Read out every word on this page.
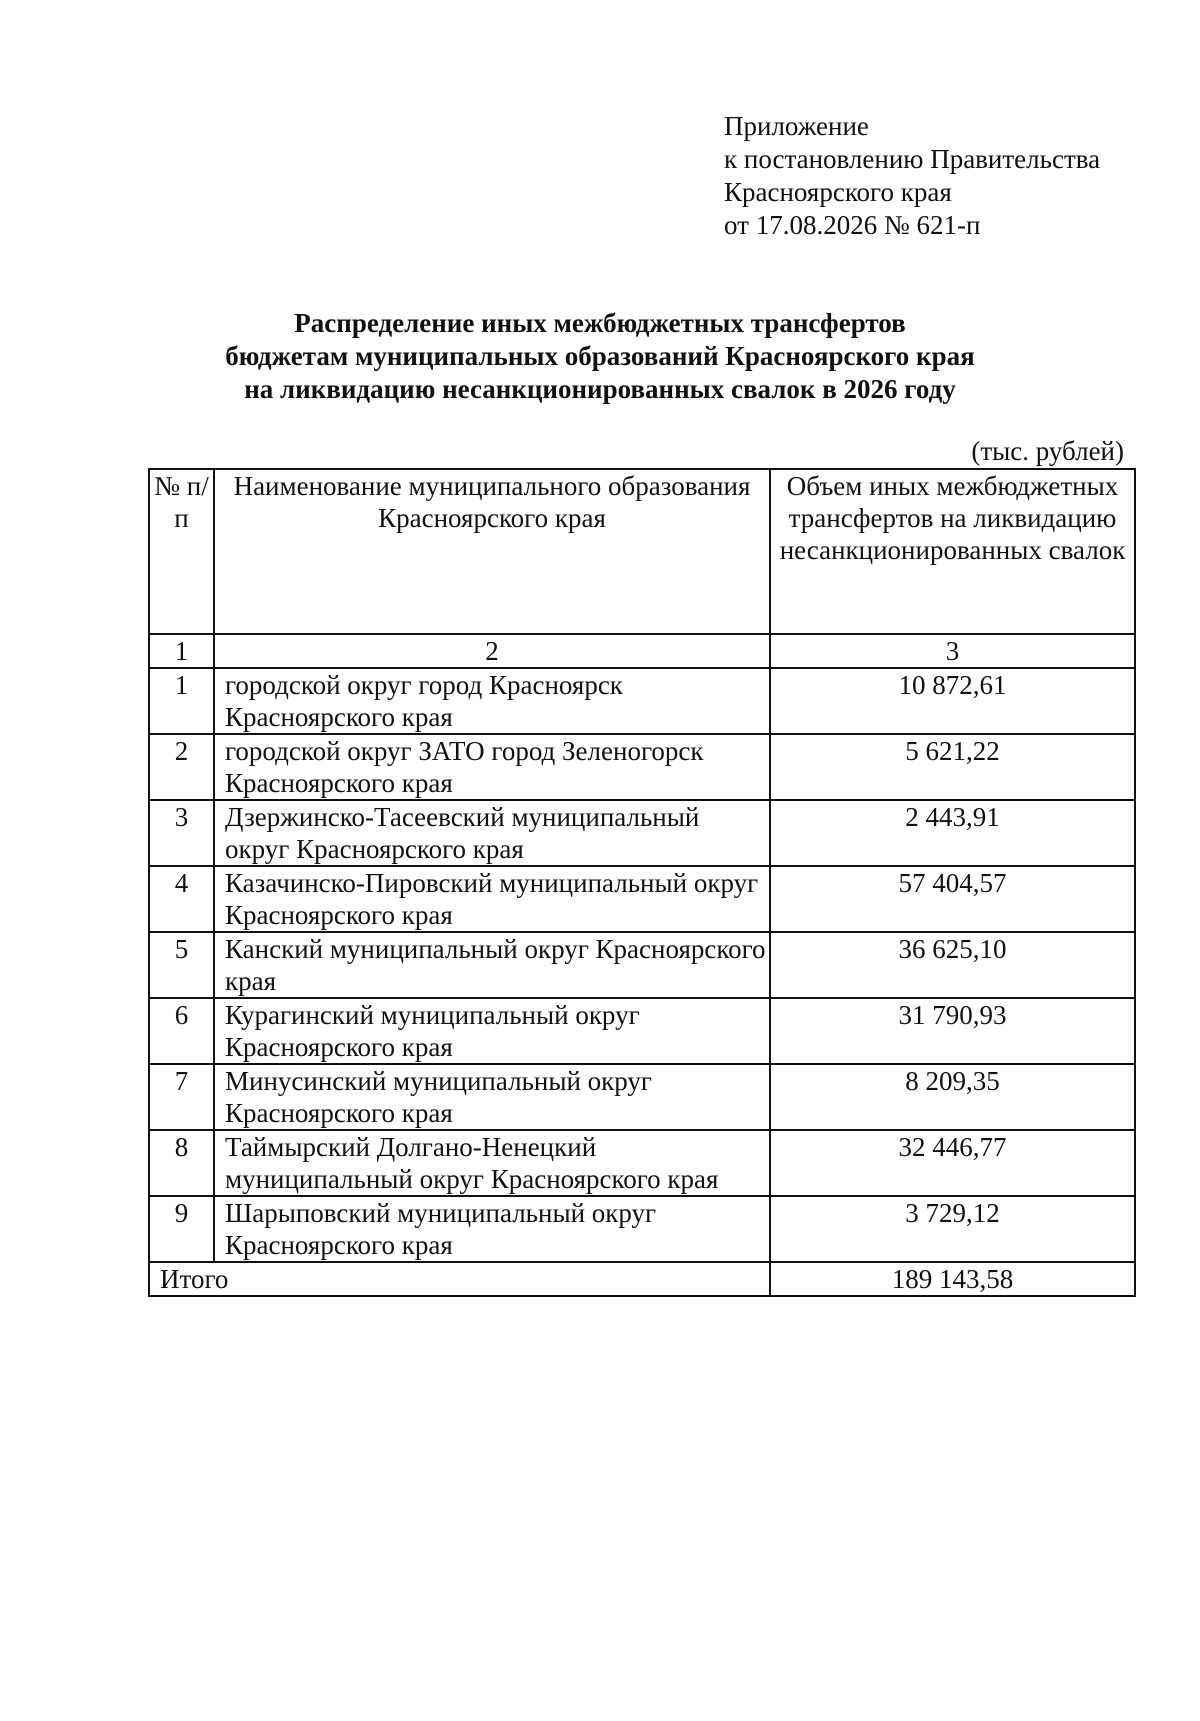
Приложение
к постановлению Правительства
Красноярского края
от 17.08.2026 № 621-п
Распределение иных межбюджетных трансфертов
бюджетам муниципальных образований Красноярского края
на ликвидацию несанкционированных свалок в 2026 году
(тыс. рублей)
№ п/п	Наименование муниципального образования Красноярского края	Объем иных межбюджетных трансфертов на ликвидацию несанкционированных свалок
1	2	3
1	городской округ город Красноярск Красноярского края	10 872,61
2	городской округ ЗАТО город Зеленогорск Красноярского края	5 621,22
3	Дзержинско-Тасеевский муниципальный округ Красноярского края	2 443,91
4	Казачинско-Пировский муниципальный округ Красноярского края	57 404,57
5	Канский муниципальный округ Красноярского края	36 625,10
6	Курагинский муниципальный округ Красноярского края	31 790,93
7	Минусинский муниципальный округ Красноярского края	8 209,35
8	Таймырский Долгано-Ненецкий муниципальный округ Красноярского края	32 446,77
9	Шарыповский муниципальный округ Красноярского края	3 729,12
Итого		189 143,58
